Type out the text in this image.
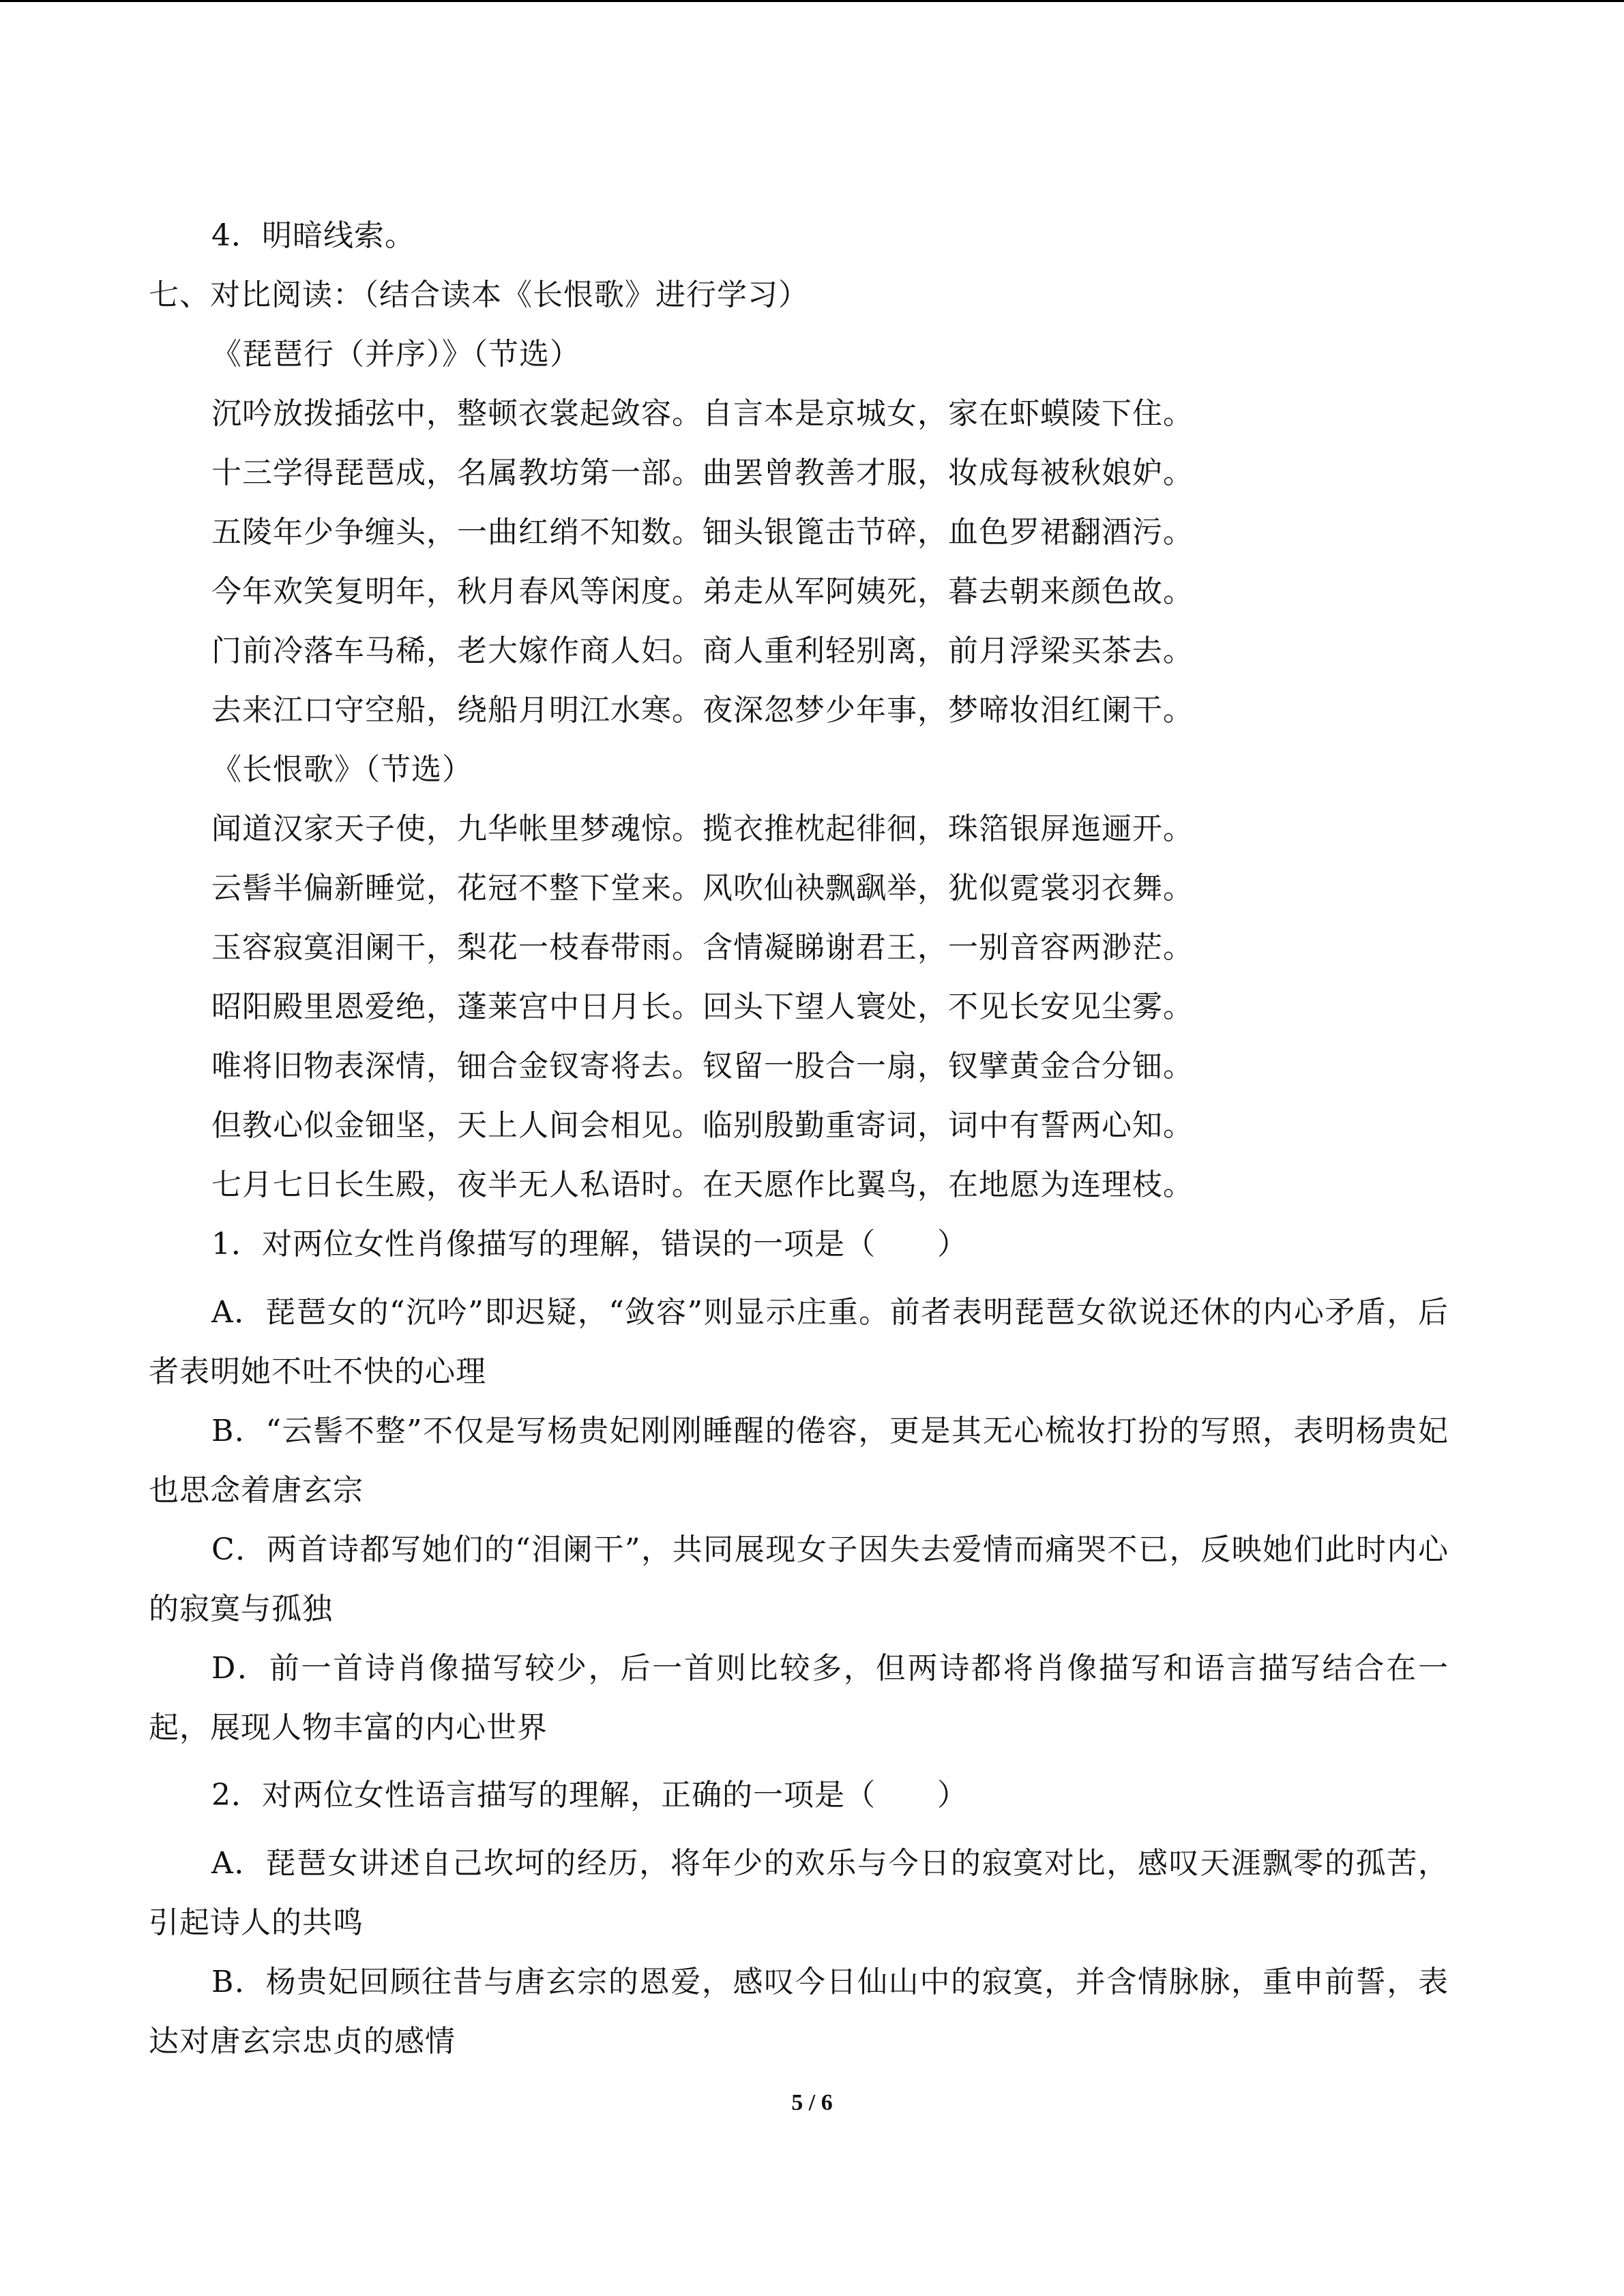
4．明暗线索。
七、对比阅读：（结合读本《长恨歌》进行学习）
《琵琶行（并序）》（节选）
沉吟放拨插弦中，整顿衣裳起敛容。自言本是京城女，家在虾蟆陵下住。
十三学得琵琶成，名属教坊第一部。曲罢曾教善才服，妆成每被秋娘妒。
五陵年少争缠头，一曲红绡不知数。钿头银篦击节碎，血色罗裙翻酒污。
今年欢笑复明年，秋月春风等闲度。弟走从军阿姨死，暮去朝来颜色故。
门前冷落车马稀，老大嫁作商人妇。商人重利轻别离，前月浮梁买茶去。
去来江口守空船，绕船月明江水寒。夜深忽梦少年事，梦啼妆泪红阑干。
《长恨歌》（节选）
闻道汉家天子使，九华帐里梦魂惊。揽衣推枕起徘徊，珠箔银屏迤逦开。
云髻半偏新睡觉，花冠不整下堂来。风吹仙袂飘飖举，犹似霓裳羽衣舞。
玉容寂寞泪阑干，梨花一枝春带雨。含情凝睇谢君王，一别音容两渺茫。
昭阳殿里恩爱绝，蓬莱宫中日月长。回头下望人寰处，不见长安见尘雾。
唯将旧物表深情，钿合金钗寄将去。钗留一股合一扇，钗擘黄金合分钿。
但教心似金钿坚，天上人间会相见。临别殷勤重寄词，词中有誓两心知。
七月七日长生殿，夜半无人私语时。在天愿作比翼鸟，在地愿为连理枝。
1．对两位女性肖像描写的理解，错误的一项是（　　）
A．琵琶女的“沉吟”即迟疑，“敛容”则显示庄重。前者表明琵琶女欲说还休的内心矛盾，后者表明她不吐不快的心理
B．“云髻不整”不仅是写杨贵妃刚刚睡醒的倦容，更是其无心梳妆打扮的写照，表明杨贵妃也思念着唐玄宗
C．两首诗都写她们的“泪阑干”，共同展现女子因失去爱情而痛哭不已，反映她们此时内心的寂寞与孤独
D．前一首诗肖像描写较少，后一首则比较多，但两诗都将肖像描写和语言描写结合在一起，展现人物丰富的内心世界
2．对两位女性语言描写的理解，正确的一项是（　　）
A．琵琶女讲述自己坎坷的经历，将年少的欢乐与今日的寂寞对比，感叹天涯飘零的孤苦，引起诗人的共鸣
B．杨贵妃回顾往昔与唐玄宗的恩爱，感叹今日仙山中的寂寞，并含情脉脉，重申前誓，表达对唐玄宗忠贞的感情
5 / 6
